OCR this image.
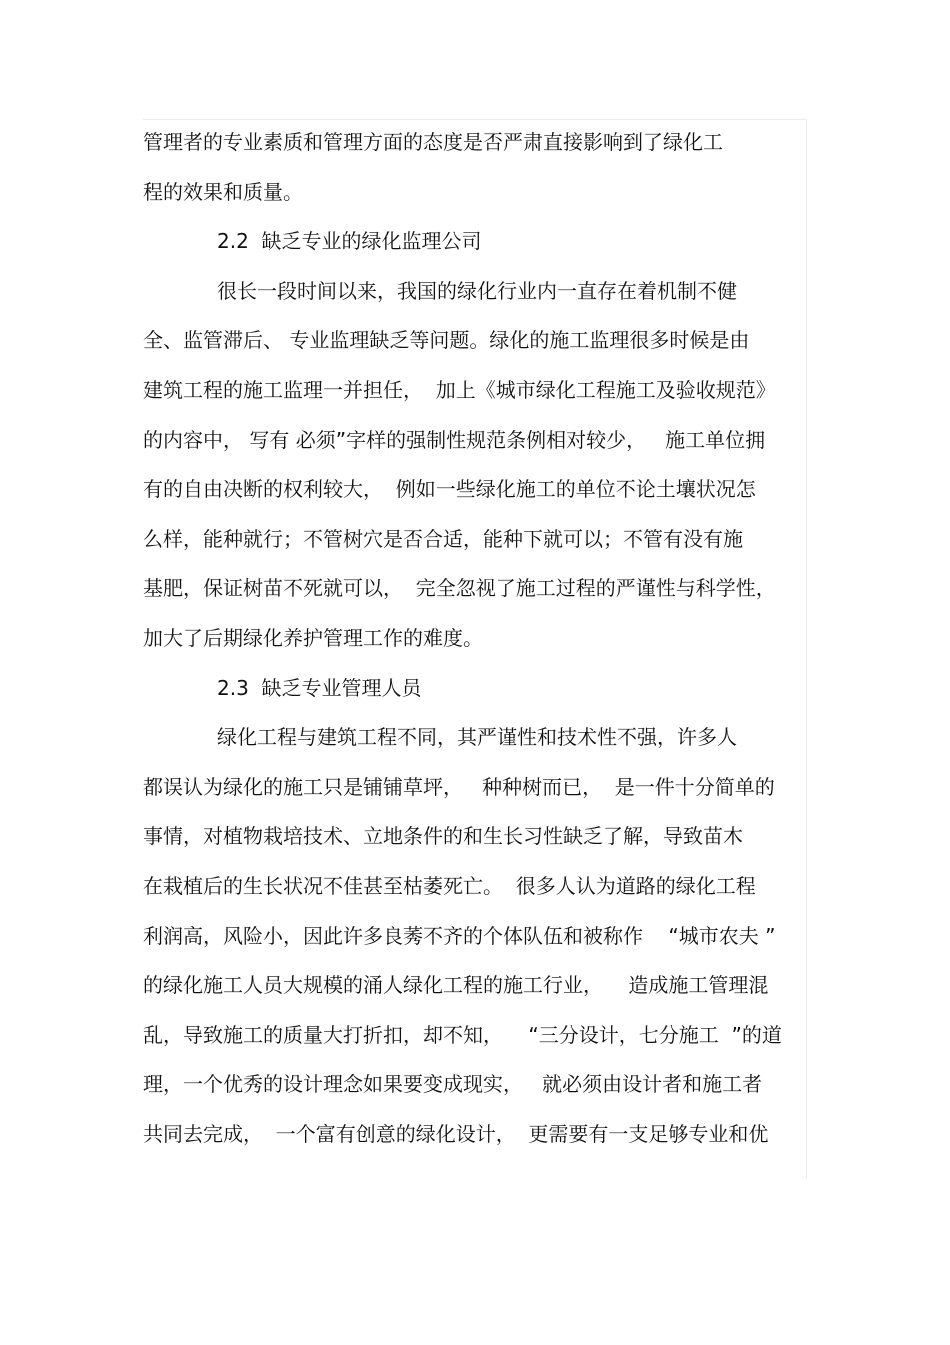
管理者的专业素质和管理方面的态度是否严肃直接影响到了绿化工
程的效果和质量。
2.2  缺乏专业的绿化监理公司
很长一段时间以来，我国的绿化行业内一直存在着机制不健
全、监管滞后、 专业监理缺乏等问题。绿化的施工监理很多时候是由
建筑工程的施工监理一并担任，  加上《城市绿化工程施工及验收规范》
的内容中， 写有 必须”字样的强制性规范条例相对较少，   施工单位拥
有的自由决断的权利较大，  例如一些绿化施工的单位不论土壤状况怎
么样，能种就行；不管树穴是否合适，能种下就可以；不管有没有施
基肥，保证树苗不死就可以，  完全忽视了施工过程的严谨性与科学性，
加大了后期绿化养护管理工作的难度。
2.3  缺乏专业管理人员
绿化工程与建筑工程不同，其严谨性和技术性不强，许多人
都误认为绿化的施工只是铺铺草坪，   种种树而已，  是一件十分简单的
事情，对植物栽培技术、立地条件的和生长习性缺乏了解，导致苗木
在栽植后的生长状况不佳甚至枯萎死亡。  很多人认为道路的绿化工程
利润高，风险小，因此许多良莠不齐的个体队伍和被称作    “城市农夫 ”
的绿化施工人员大规模的涌人绿化工程的施工行业，    造成施工管理混
乱，导致施工的质量大打折扣，却不知，    “三分设计，七分施工  ”的道
理，一个优秀的设计理念如果要变成现实，   就必须由设计者和施工者
共同去完成，  一个富有创意的绿化设计，  更需要有一支足够专业和优
